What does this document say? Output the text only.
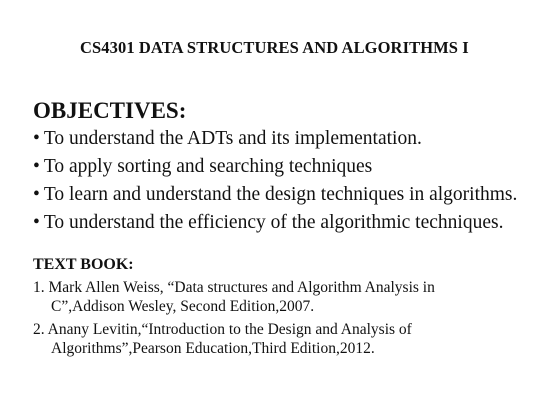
CS4301 DATA STRUCTURES AND ALGORITHMS I
OBJECTIVES:
• To understand the ADTs and its implementation.
• To apply sorting and searching techniques
• To learn and understand the design techniques in algorithms.
• To understand the efficiency of the algorithmic techniques.
TEXT BOOK:
1. Mark Allen Weiss, “Data structures and Algorithm Analysis in
C”,Addison Wesley, Second Edition,2007.
2. Anany Levitin,“Introduction to the Design and Analysis of
Algorithms”,Pearson Education,Third Edition,2012.
